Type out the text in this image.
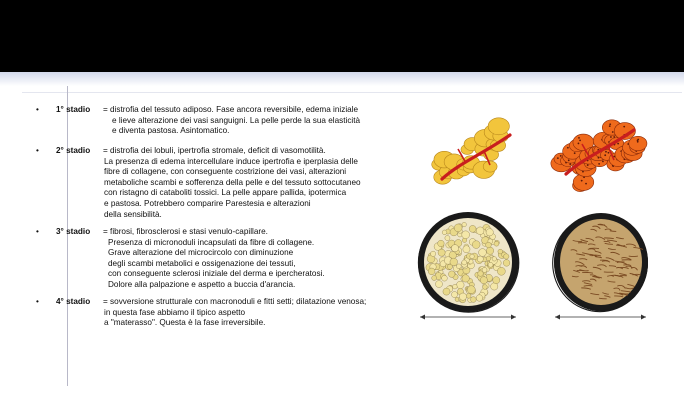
• 1° stadio	= distrofia del tessuto adiposo. Fase ancora reversibile, edema iniziale
e lieve alterazione dei vasi sanguigni. La pelle perde la sua elasticità
e diventa pastosa. Asintomatico.
• 2° stadio	= distrofia dei lobuli, ipertrofia stromale, deficit di vasomotilità.
La presenza di edema intercellulare induce ipertrofia e iperplasia delle
fibre di collagene, con conseguente costrizione dei vasi, alterazioni
metaboliche scambi e sofferenza della pelle e del tessuto sottocutaneo
con ristagno di cataboliti tossici. La pelle appare pallida, ipotermica
e pastosa. Potrebbero comparire Parestesia e alterazioni
della sensibilità.
• 3° stadio	= fibrosi, fibrosclerosi e stasi venulo-capillare.
Presenza di micronoduli incapsulati da fibre di collagene.
Grave alterazione del microcircolo con diminuzione
degli scambi metabolici e ossigenazione dei tessuti,
con conseguente sclerosi iniziale del derma e ipercheratosi.
Dolore alla palpazione e aspetto a buccia d'arancia.
• 4° stadio	= sovversione strutturale con macronoduli e fitti setti; dilatazione venosa;
in questa fase abbiamo il tipico aspetto
a "materasso". Questa è la fase irreversibile.
